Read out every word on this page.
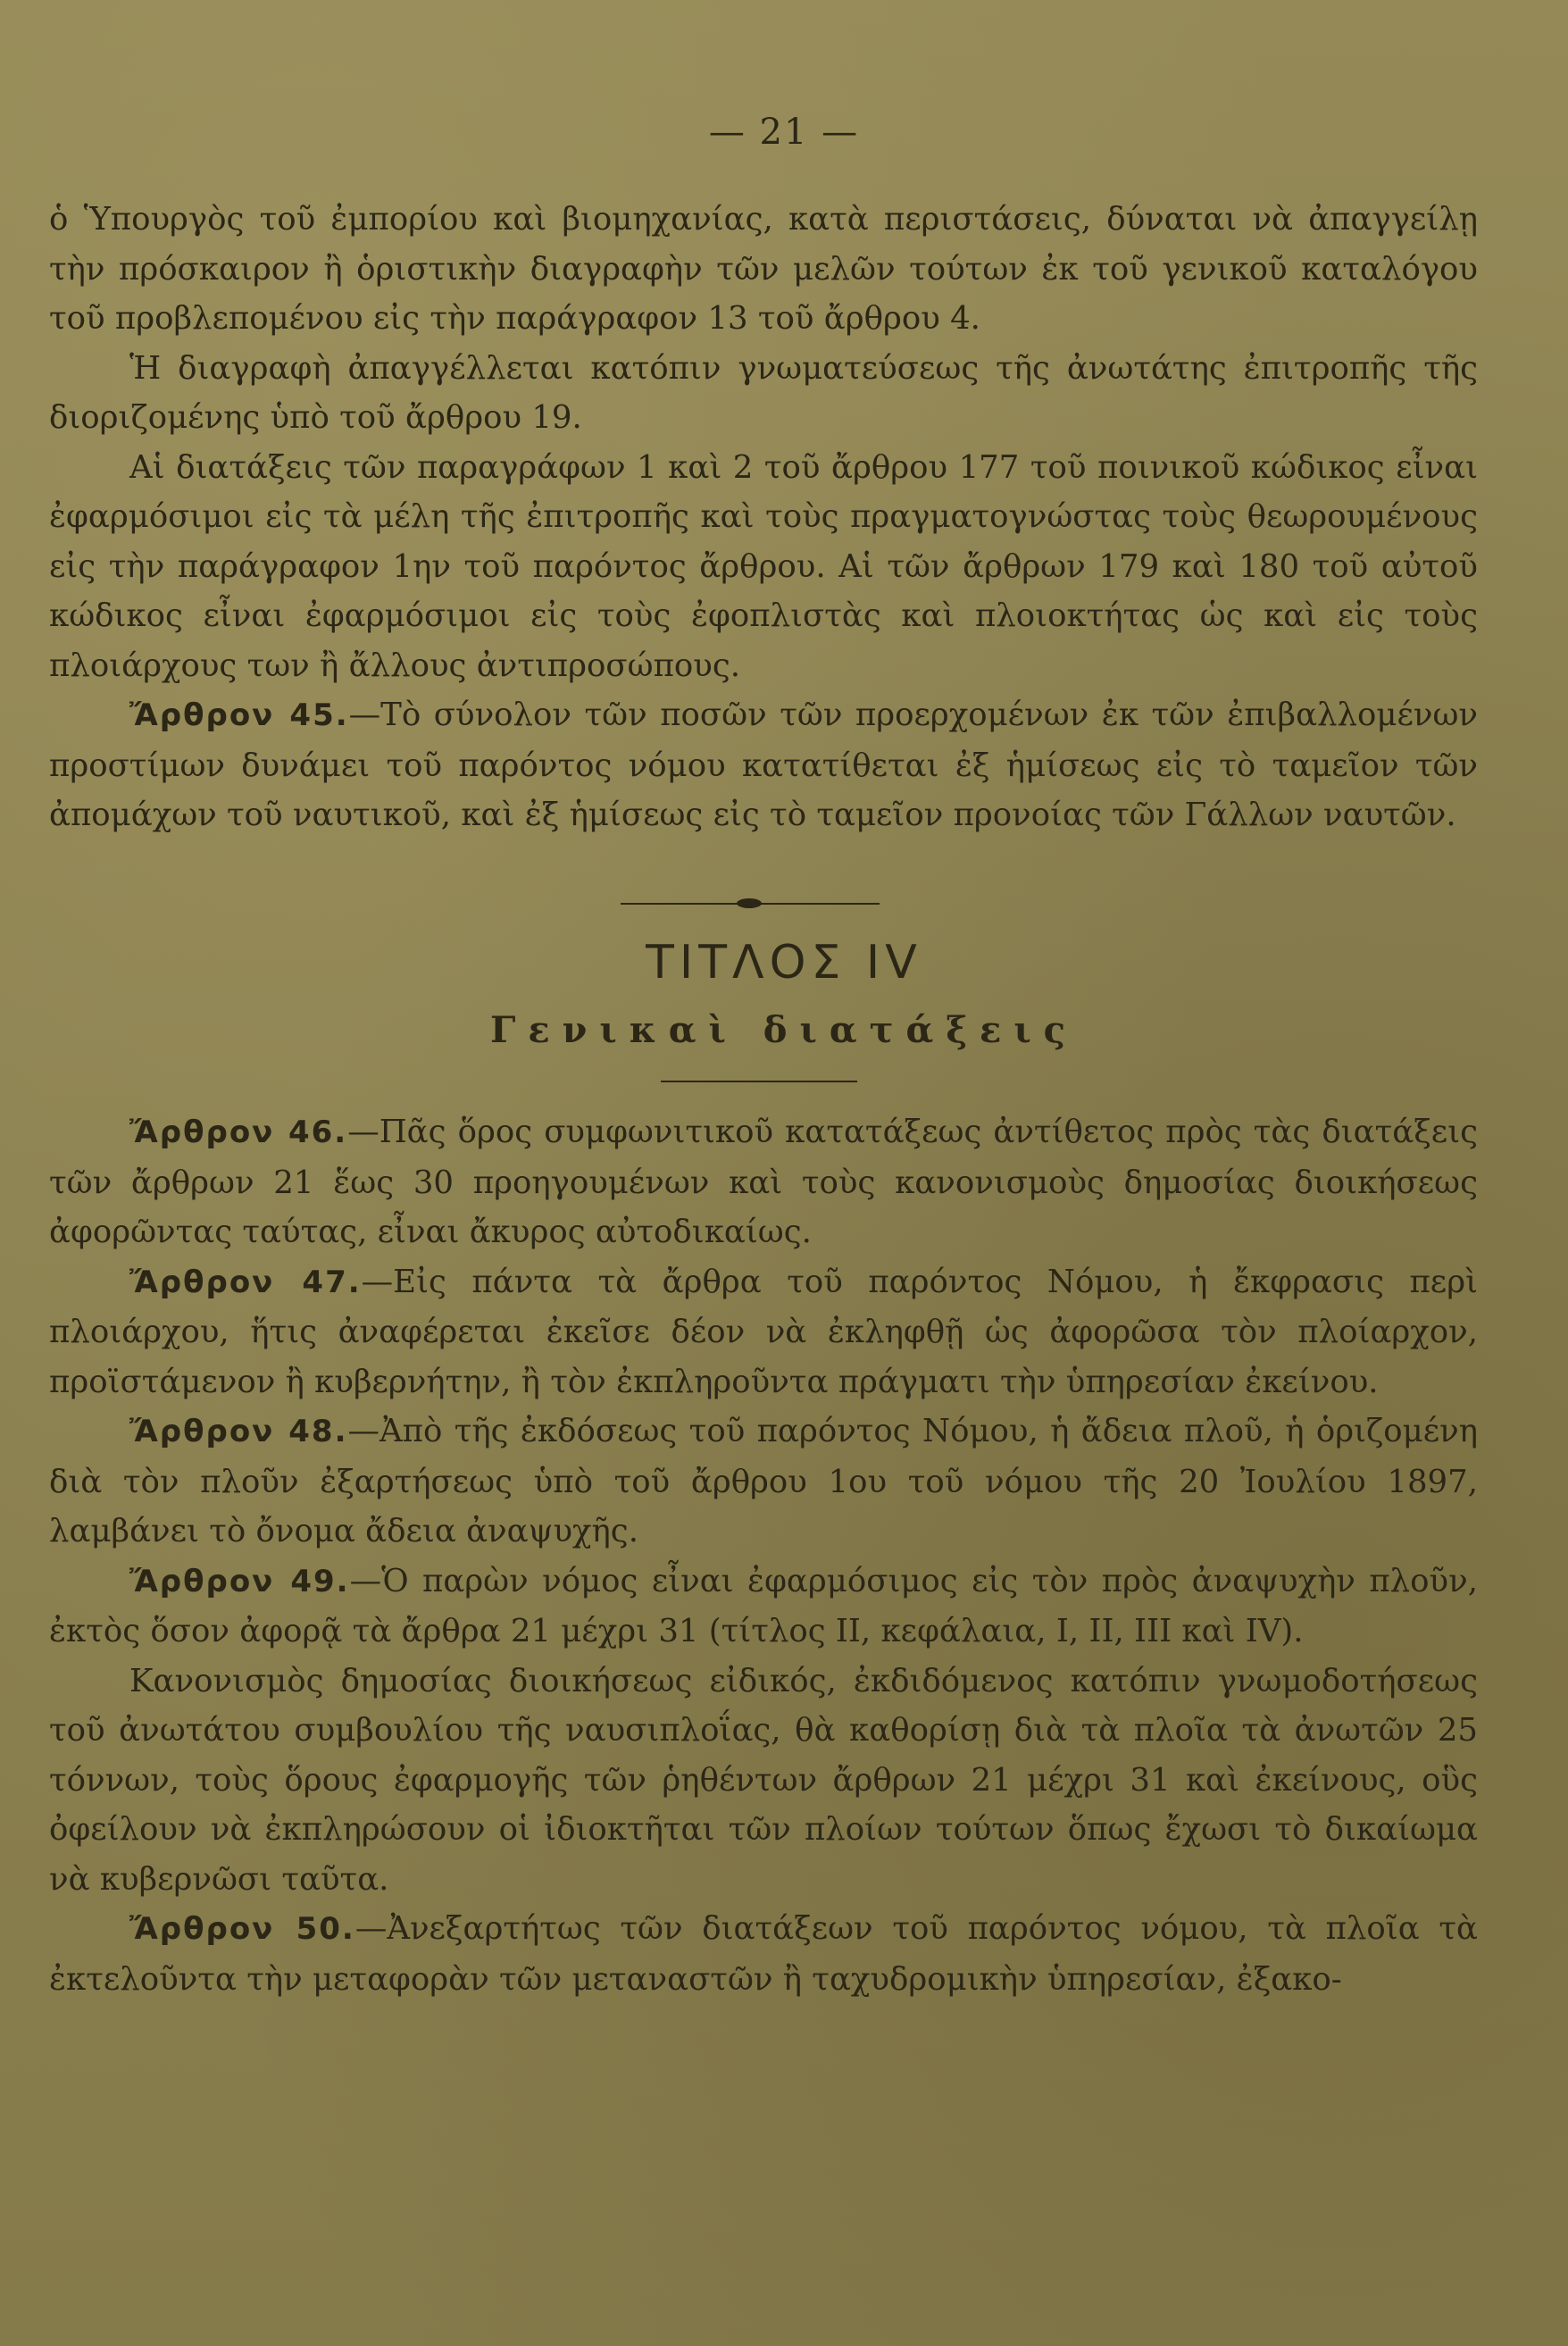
— 21 —

ὁ Ὑπουργὸς τοῦ ἐμπορίου καὶ βιομηχανίας, κατὰ περιστάσεις, δύναται νὰ ἀπαγγείλῃ τὴν πρόσκαιρον ἢ ὁριστικὴν διαγραφὴν τῶν μελῶν τούτων ἐκ τοῦ γενικοῦ καταλόγου τοῦ προβλεπομένου εἰς τὴν παράγραφον 13 τοῦ ἄρθρου 4.

Ἡ διαγραφὴ ἀπαγγέλλεται κατόπιν γνωματεύσεως τῆς ἀνωτάτης ἐπιτροπῆς τῆς διοριζομένης ὑπὸ τοῦ ἄρθρου 19.

Αἱ διατάξεις τῶν παραγράφων 1 καὶ 2 τοῦ ἄρθρου 177 τοῦ ποινικοῦ κώδικος εἶναι ἐφαρμόσιμοι εἰς τὰ μέλη τῆς ἐπιτροπῆς καὶ τοὺς πραγματογνώστας τοὺς θεωρουμένους εἰς τὴν παράγραφον 1ην τοῦ παρόντος ἄρθρου. Αἱ τῶν ἄρθρων 179 καὶ 180 τοῦ αὐτοῦ κώδικος εἶναι ἐφαρμόσιμοι εἰς τοὺς ἐφοπλιστὰς καὶ πλοιοκτήτας ὡς καὶ εἰς τοὺς πλοιάρχους των ἢ ἄλλους ἀντιπροσώπους.

Ἄρθρον 45.—Τὸ σύνολον τῶν ποσῶν τῶν προερχομένων ἐκ τῶν ἐπιβαλλομένων προστίμων δυνάμει τοῦ παρόντος νόμου κατατίθεται ἐξ ἡμίσεως εἰς τὸ ταμεῖον τῶν ἀπομάχων τοῦ ναυτικοῦ, καὶ ἐξ ἡμίσεως εἰς τὸ ταμεῖον προνοίας τῶν Γάλλων ναυτῶν.

ΤΙΤΛΟΣ IV
Γενικαὶ διατάξεις

Ἄρθρον 46.—Πᾶς ὅρος συμφωνιτικοῦ κατατάξεως ἀντίθετος πρὸς τὰς διατάξεις τῶν ἄρθρων 21 ἕως 30 προηγουμένων καὶ τοὺς κανονισμοὺς δημοσίας διοικήσεως ἀφορῶντας ταύτας, εἶναι ἄκυρος αὐτοδικαίως.

Ἄρθρον 47.—Εἰς πάντα τὰ ἄρθρα τοῦ παρόντος Νόμου, ἡ ἔκφρασις περὶ πλοιάρχου, ἥτις ἀναφέρεται ἐκεῖσε δέον νὰ ἐκληφθῇ ὡς ἀφορῶσα τὸν πλοίαρχον, προϊστάμενον ἢ κυβερνήτην, ἢ τὸν ἐκπληροῦντα πράγματι τὴν ὑπηρεσίαν ἐκείνου.

Ἄρθρον 48.—Ἀπὸ τῆς ἐκδόσεως τοῦ παρόντος Νόμου, ἡ ἄδεια πλοῦ, ἡ ὁριζομένη διὰ τὸν πλοῦν ἐξαρτήσεως ὑπὸ τοῦ ἄρθρου 1ου τοῦ νόμου τῆς 20 Ἰουλίου 1897, λαμβάνει τὸ ὄνομα ἄδεια ἀναψυχῆς.

Ἄρθρον 49.—Ὁ παρὼν νόμος εἶναι ἐφαρμόσιμος εἰς τὸν πρὸς ἀναψυχὴν πλοῦν, ἐκτὸς ὅσον ἀφορᾷ τὰ ἄρθρα 21 μέχρι 31 (τίτλος II, κεφάλαια, I, II, III καὶ IV).

Κανονισμὸς δημοσίας διοικήσεως εἰδικός, ἐκδιδόμενος κατόπιν γνωμοδοτήσεως τοῦ ἀνωτάτου συμβουλίου τῆς ναυσιπλοΐας, θὰ καθορίσῃ διὰ τὰ πλοῖα τὰ ἀνωτῶν 25 τόννων, τοὺς ὅρους ἐφαρμογῆς τῶν ῥηθέντων ἄρθρων 21 μέχρι 31 καὶ ἐκείνους, οὓς ὀφείλουν νὰ ἐκπληρώσουν οἱ ἰδιοκτῆται τῶν πλοίων τούτων ὅπως ἔχωσι τὸ δικαίωμα νὰ κυβερνῶσι ταῦτα.

Ἄρθρον 50.—Ἀνεξαρτήτως τῶν διατάξεων τοῦ παρόντος νόμου, τὰ πλοῖα τὰ ἐκτελοῦντα τὴν μεταφορὰν τῶν μεταναστῶν ἢ ταχυδρομικὴν ὑπηρεσίαν, ἐξακο-
